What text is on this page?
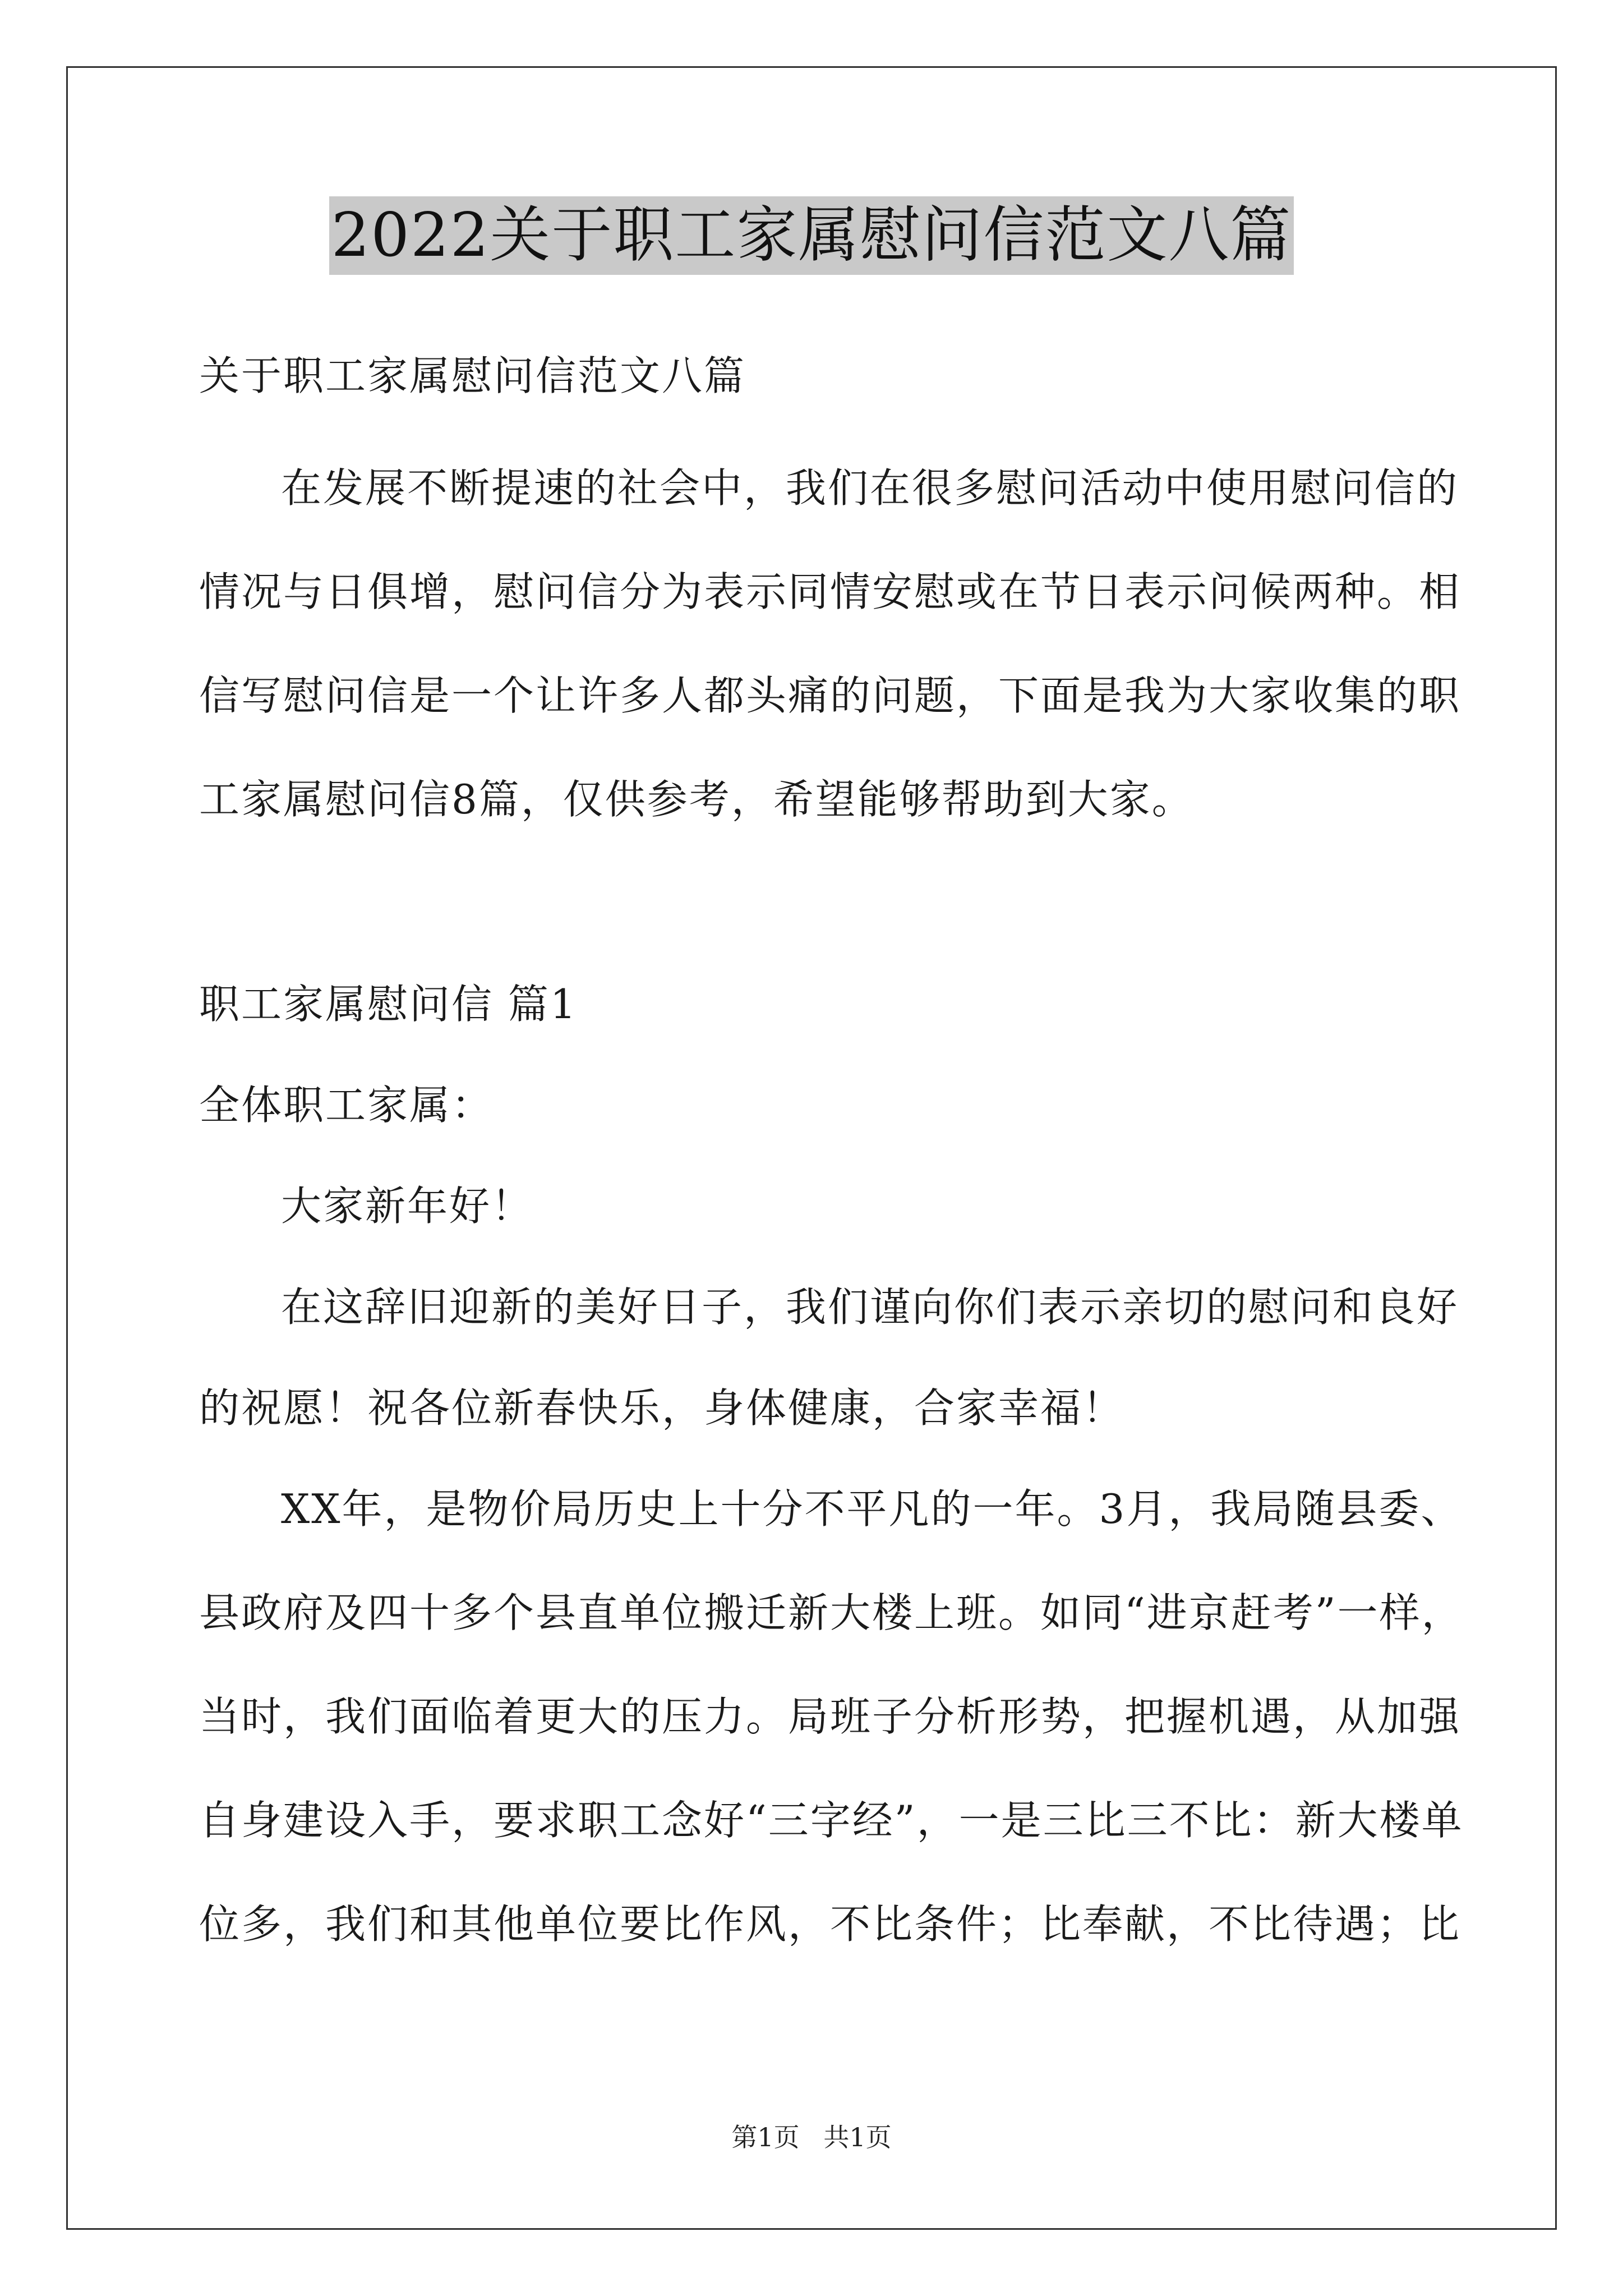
2022关于职工家属慰问信范文八篇
关于职工家属慰问信范文八篇
在发展不断提速的社会中，我们在很多慰问活动中使用慰问信的
情况与日俱增，慰问信分为表示同情安慰或在节日表示问候两种。相
信写慰问信是一个让许多人都头痛的问题，下面是我为大家收集的职
工家属慰问信8篇，仅供参考，希望能够帮助到大家。
职工家属慰问信 篇1
全体职工家属：
大家新年好！
在这辞旧迎新的美好日子，我们谨向你们表示亲切的慰问和良好
的祝愿！祝各位新春快乐，身体健康，合家幸福！
XX年，是物价局历史上十分不平凡的一年。3月，我局随县委、
县政府及四十多个县直单位搬迁新大楼上班。如同“进京赶考”一样，
当时，我们面临着更大的压力。局班子分析形势，把握机遇，从加强
自身建设入手，要求职工念好“三字经”，一是三比三不比：新大楼单
位多，我们和其他单位要比作风，不比条件；比奉献，不比待遇；比
第1页 共1页
